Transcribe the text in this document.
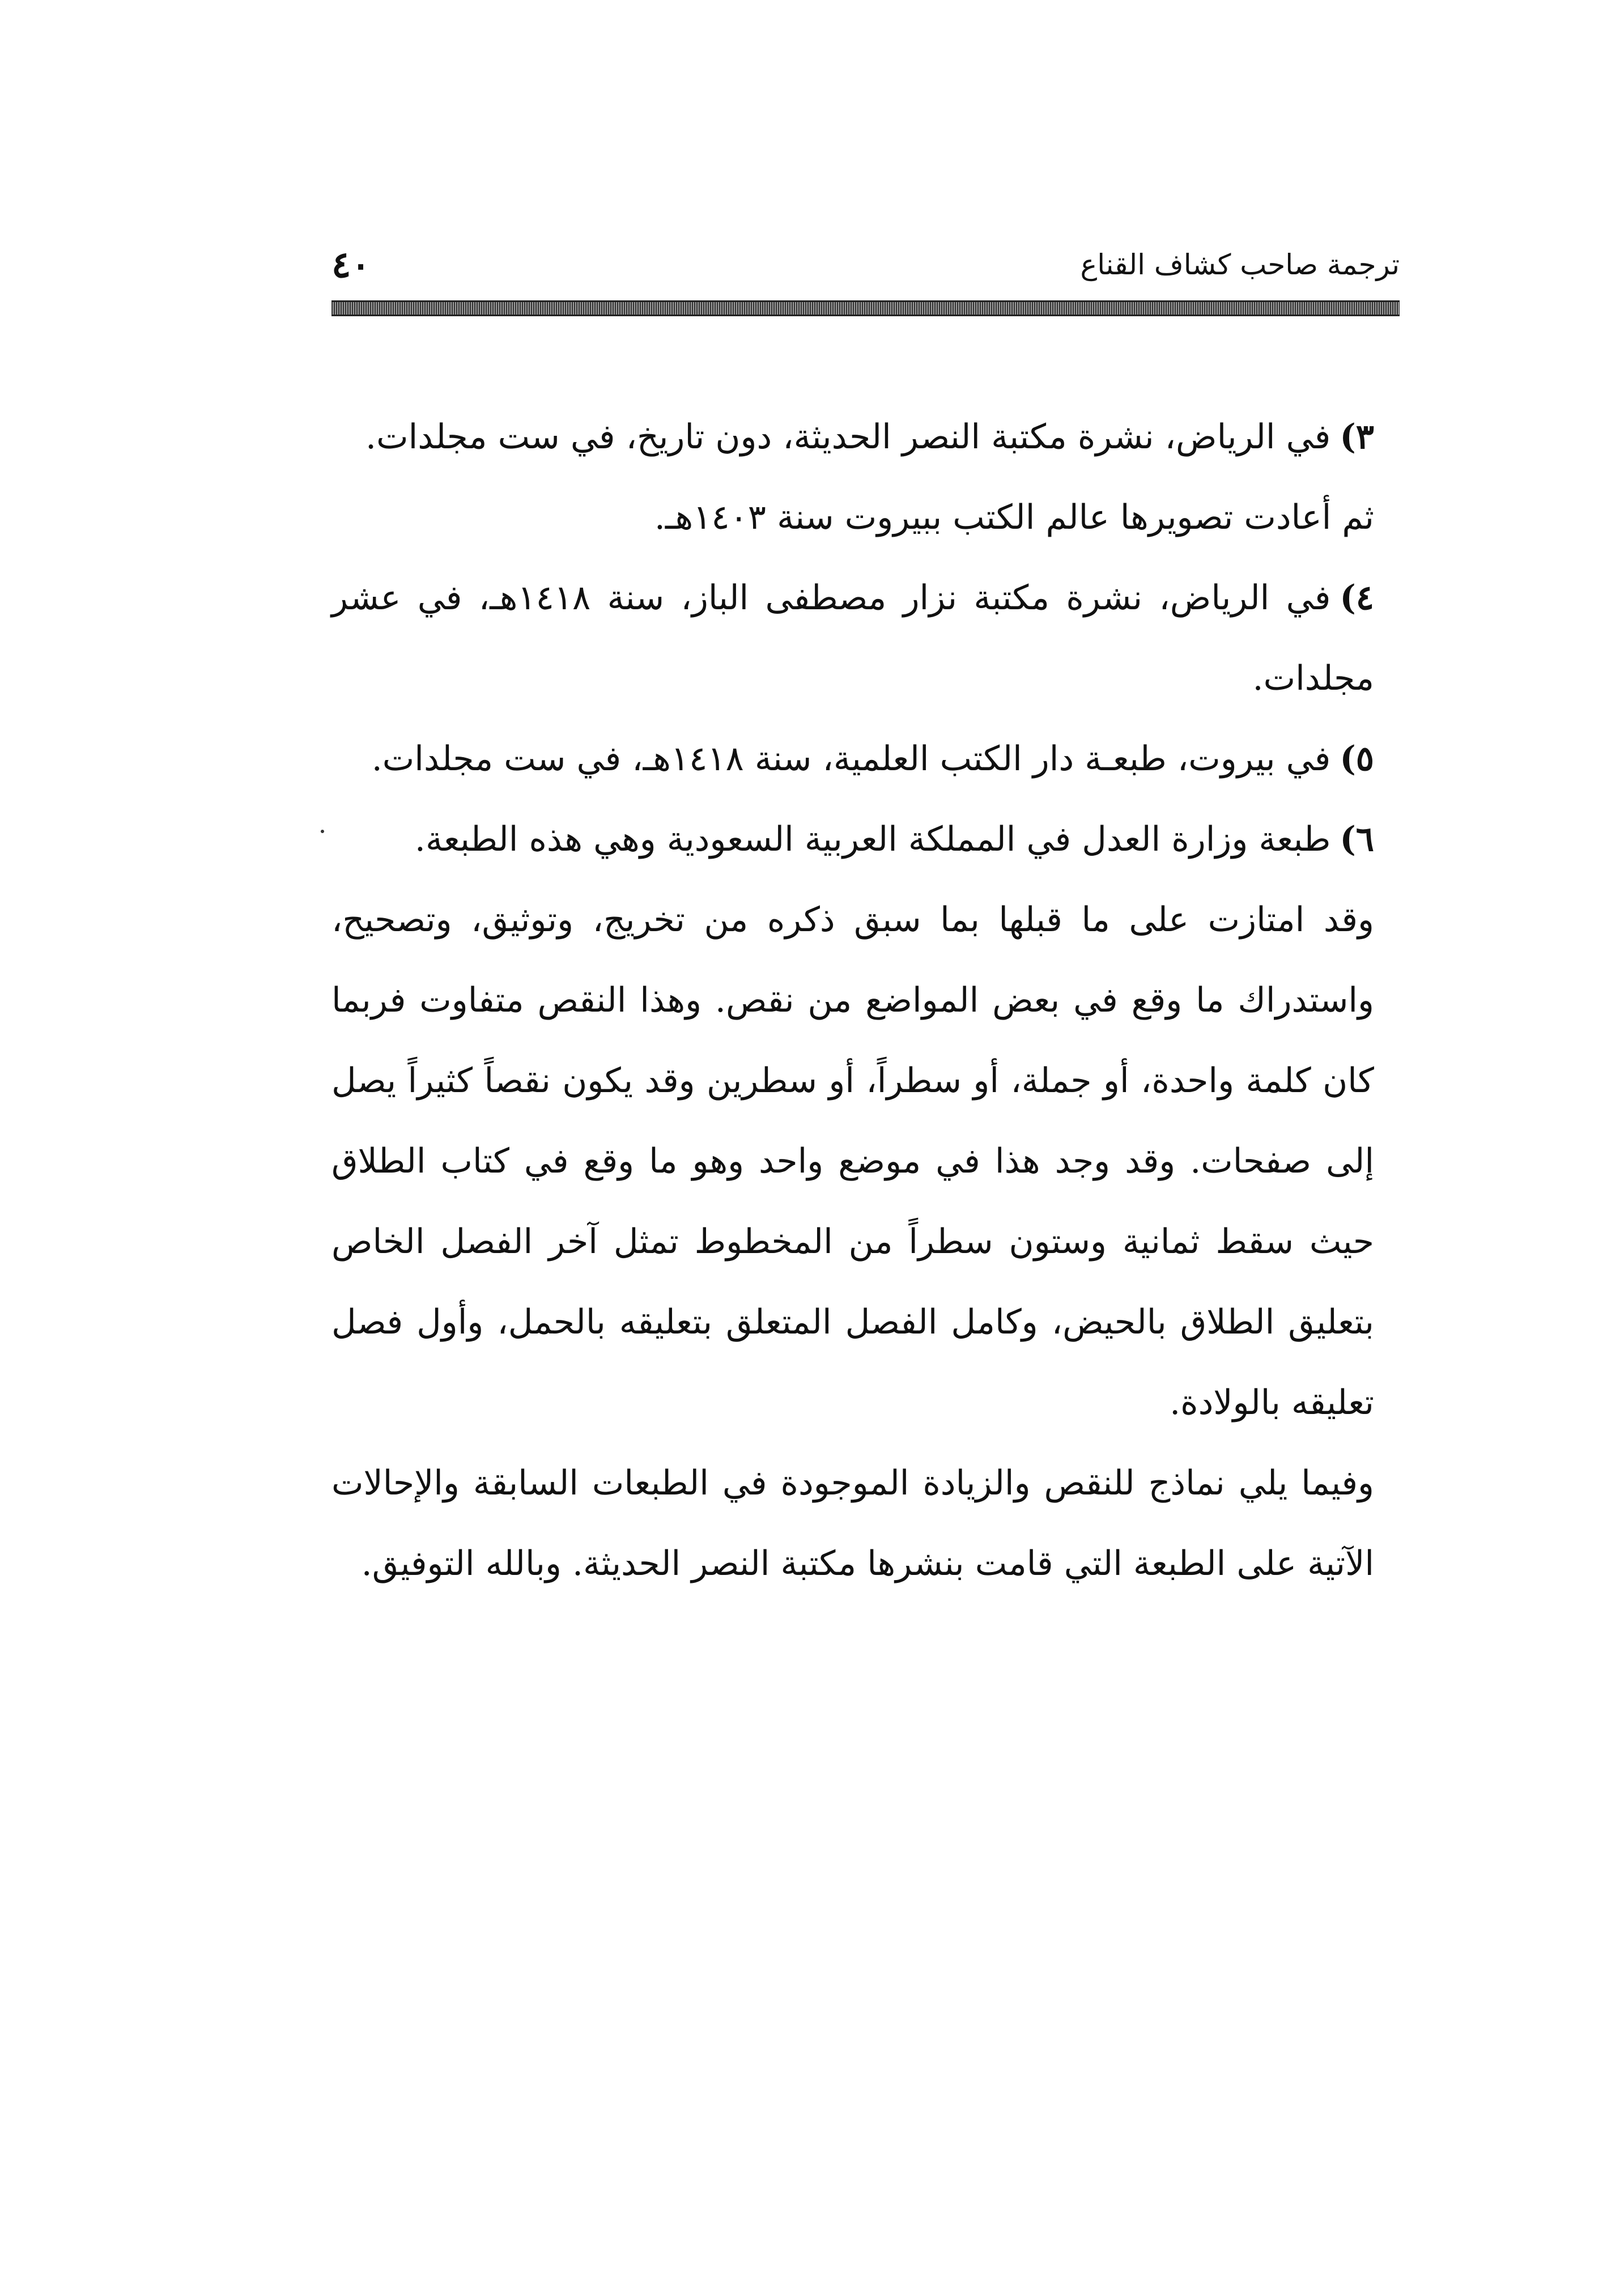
٤٠	ترجمة صاحب كشاف القناع

٣)في الرياض، نشرة مكتبة النصر الحديثة، دون تاريخ، في ست مجلدات.

ثم أعادت تصويرها عالم الكتب ببيروت سنة ١٤٠٣هـ.

٤)في الرياض، نشرة مكتبة نزار مصطفى الباز، سنة ١٤١٨هـ، في عشر مجلدات.

٥)في بيروت، طبعـة دار الكتب العلمية، سنة ١٤١٨هـ، في ست مجلدات.

٦)طبعة وزارة العدل في المملكة العربية السعودية وهي هذه الطبعة.

وقد امتازت على ما قبلها بما سبق ذكره من تخريج، وتوثيق، وتصحيح، واستدراك ما وقع في بعض المواضع من نقص. وهذا النقص متفاوت فربما كان كلمة واحدة، أو جملة، أو سطراً، أو سطرين وقد يكون نقصاً كثيراً يصل إلى صفحات. وقد وجد هذا في موضع واحد وهو ما وقع في كتاب الطلاق حيث سقط ثمانية وستون سطراً من المخطوط تمثل آخر الفصل الخاص بتعليق الطلاق بالحيض، وكامل الفصل المتعلق بتعليقه بالحمل، وأول فصل تعليقه بالولادة.

وفيما يلي نماذج للنقص والزيادة الموجودة في الطبعات السابقة والإحالات الآتية على الطبعة التي قامت بنشرها مكتبة النصر الحديثة. وبالله التوفيق.
